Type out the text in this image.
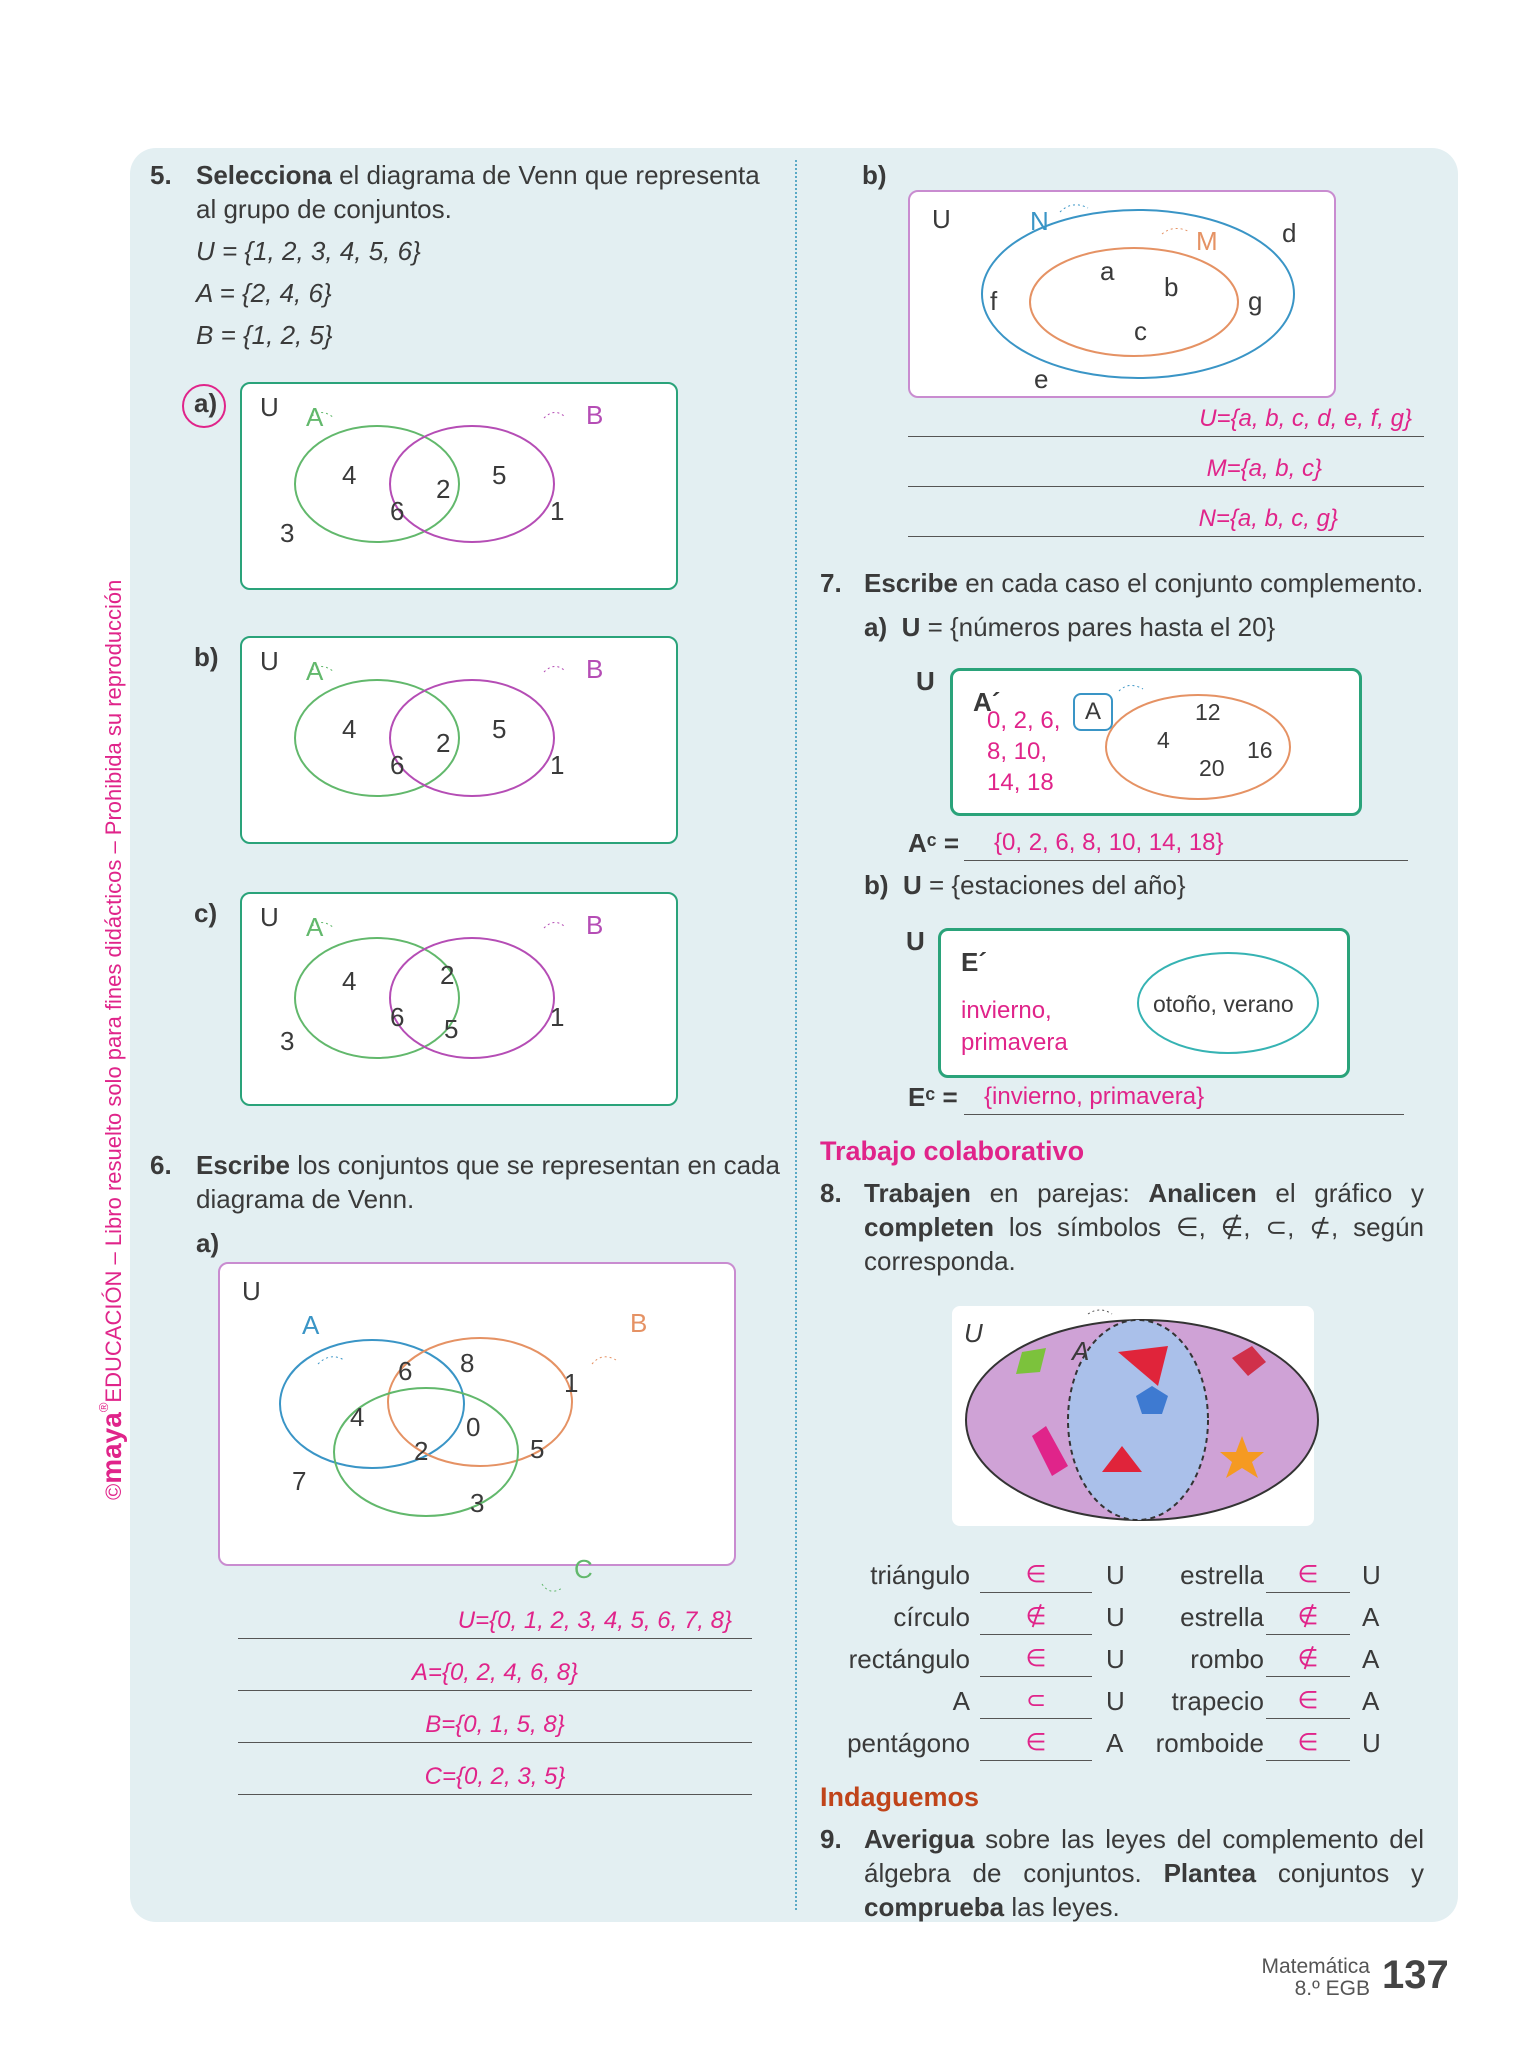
©maya®EDUCACIÓN – Libro resuelto solo para fines didácticos – Prohibida su reproducción
5. Selecciona el diagrama de Venn que representa
al grupo de conjuntos.
U = {1, 2, 3, 4, 5, 6}
A = {2, 4, 6}
B = {1, 2, 5}
a) U A	B
4
6
2 5
1
3
b) U A	B
4
6
2 5
1
c) U A	B
4
6
2
5	1
3
6. Escribe los conjuntos que se representan en cada
diagrama de Venn.
a)
U
A	B
6 8
1
4	0
2	5
7
3
C
U={0, 1, 2, 3, 4, 5, 6, 7, 8}
A={0, 2, 4, 6, 8}
B={0, 1, 5, 8}
C={0, 2, 3, 5}
b)
U	N
M d
a
b
f	g
c
e
U={a, b, c, d, e, f, g}
M={a, b, c}
N={a, b, c, g}
7. Escribe en cada caso el conjunto complemento.
a) U = {números pares hasta el 20}
U
A´
0, 2, 6,
8, 10,
14, 18
A	12
4	16
20
Aᶜ =	{0, 2, 6, 8, 10, 14, 18}
b) U = {estaciones del año}
U
E´
invierno,
primavera
otoño, verano
Eᶜ =	{invierno, primavera}
Trabajo colaborativo
8. Trabajen en parejas: Analicen el gráfico y completen los símbolos ∈, ∉, ⊂, ⊄, según corresponda.
U
A
triángulo	∈	U	estrella	∈	U
círculo	∉	U	estrella	∉	A
rectángulo	∈	U	rombo	∉	A
A	⊂	U	trapecio	∈	A
pentágono	∈	A	romboide	∈	U
Indaguemos
9. Averigua sobre las leyes del complemento del álgebra de conjuntos. Plantea conjuntos y comprueba las leyes.
Matemática
8.º EGB 137
